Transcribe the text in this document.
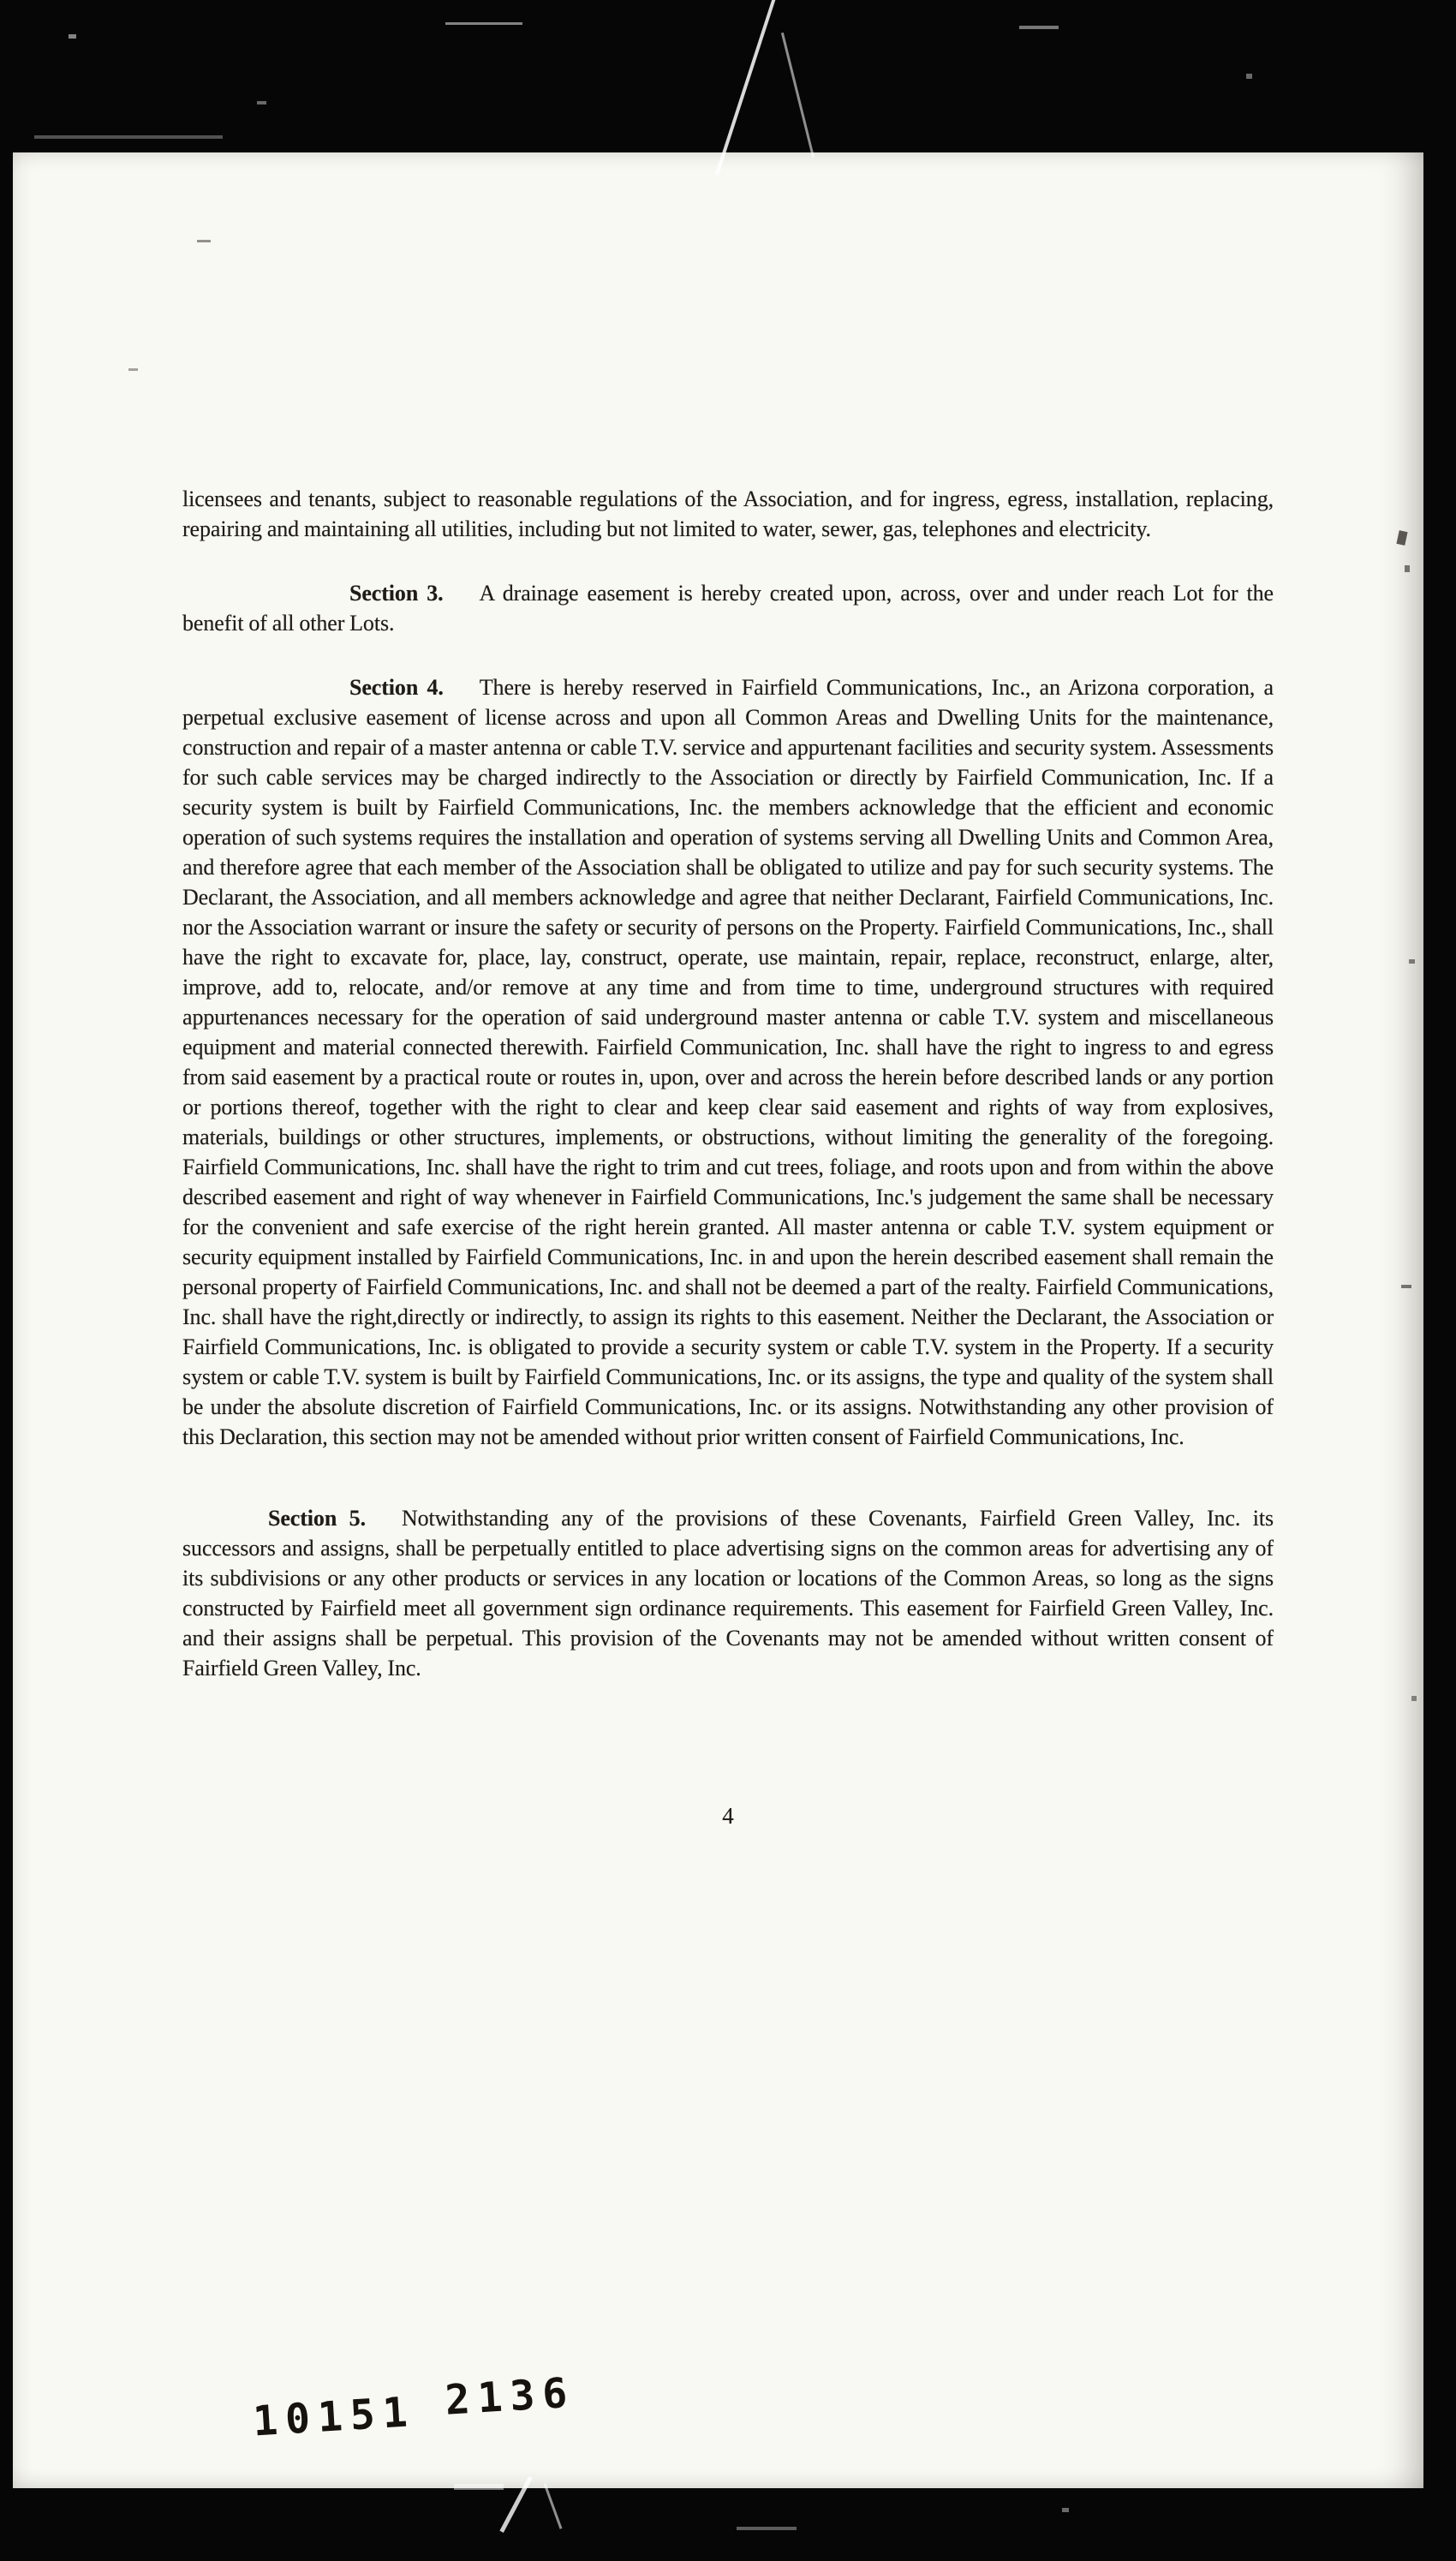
licensees and tenants, subject to reasonable regulations of the Association, and for ingress, egress, installation, replacing, repairing and maintaining all utilities, including but not limited to water, sewer, gas, telephones and electricity.

Section 3. A drainage easement is hereby created upon, across, over and under reach Lot for the benefit of all other Lots.

Section 4. There is hereby reserved in Fairfield Communications, Inc., an Arizona corporation, a perpetual exclusive easement of license across and upon all Common Areas and Dwelling Units for the maintenance, construction and repair of a master antenna or cable T.V. service and appurtenant facilities and security system. Assessments for such cable services may be charged indirectly to the Association or directly by Fairfield Communication, Inc. If a security system is built by Fairfield Communications, Inc. the members acknowledge that the efficient and economic operation of such systems requires the installation and operation of systems serving all Dwelling Units and Common Area, and therefore agree that each member of the Association shall be obligated to utilize and pay for such security systems. The Declarant, the Association, and all members acknowledge and agree that neither Declarant, Fairfield Communications, Inc. nor the Association warrant or insure the safety or security of persons on the Property. Fairfield Communications, Inc., shall have the right to excavate for, place, lay, construct, operate, use maintain, repair, replace, reconstruct, enlarge, alter, improve, add to, relocate, and/or remove at any time and from time to time, underground structures with required appurtenances necessary for the operation of said underground master antenna or cable T.V. system and miscellaneous equipment and material connected therewith. Fairfield Communication, Inc. shall have the right to ingress to and egress from said easement by a practical route or routes in, upon, over and across the herein before described lands or any portion or portions thereof, together with the right to clear and keep clear said easement and rights of way from explosives, materials, buildings or other structures, implements, or obstructions, without limiting the generality of the foregoing. Fairfield Communications, Inc. shall have the right to trim and cut trees, foliage, and roots upon and from within the above described easement and right of way whenever in Fairfield Communications, Inc.'s judgement the same shall be necessary for the convenient and safe exercise of the right herein granted. All master antenna or cable T.V. system equipment or security equipment installed by Fairfield Communications, Inc. in and upon the herein described easement shall remain the personal property of Fairfield Communications, Inc. and shall not be deemed a part of the realty. Fairfield Communications, Inc. shall have the right,directly or indirectly, to assign its rights to this easement. Neither the Declarant, the Association or Fairfield Communications, Inc. is obligated to provide a security system or cable T.V. system in the Property. If a security system or cable T.V. system is built by Fairfield Communications, Inc. or its assigns, the type and quality of the system shall be under the absolute discretion of Fairfield Communications, Inc. or its assigns. Notwithstanding any other provision of this Declaration, this section may not be amended without prior written consent of Fairfield Communications, Inc.

Section 5. Notwithstanding any of the provisions of these Covenants, Fairfield Green Valley, Inc. its successors and assigns, shall be perpetually entitled to place advertising signs on the common areas for advertising any of its subdivisions or any other products or services in any location or locations of the Common Areas, so long as the signs constructed by Fairfield meet all government sign ordinance requirements. This easement for Fairfield Green Valley, Inc. and their assigns shall be perpetual. This provision of the Covenants may not be amended without written consent of Fairfield Green Valley, Inc.

4
10151 2136
